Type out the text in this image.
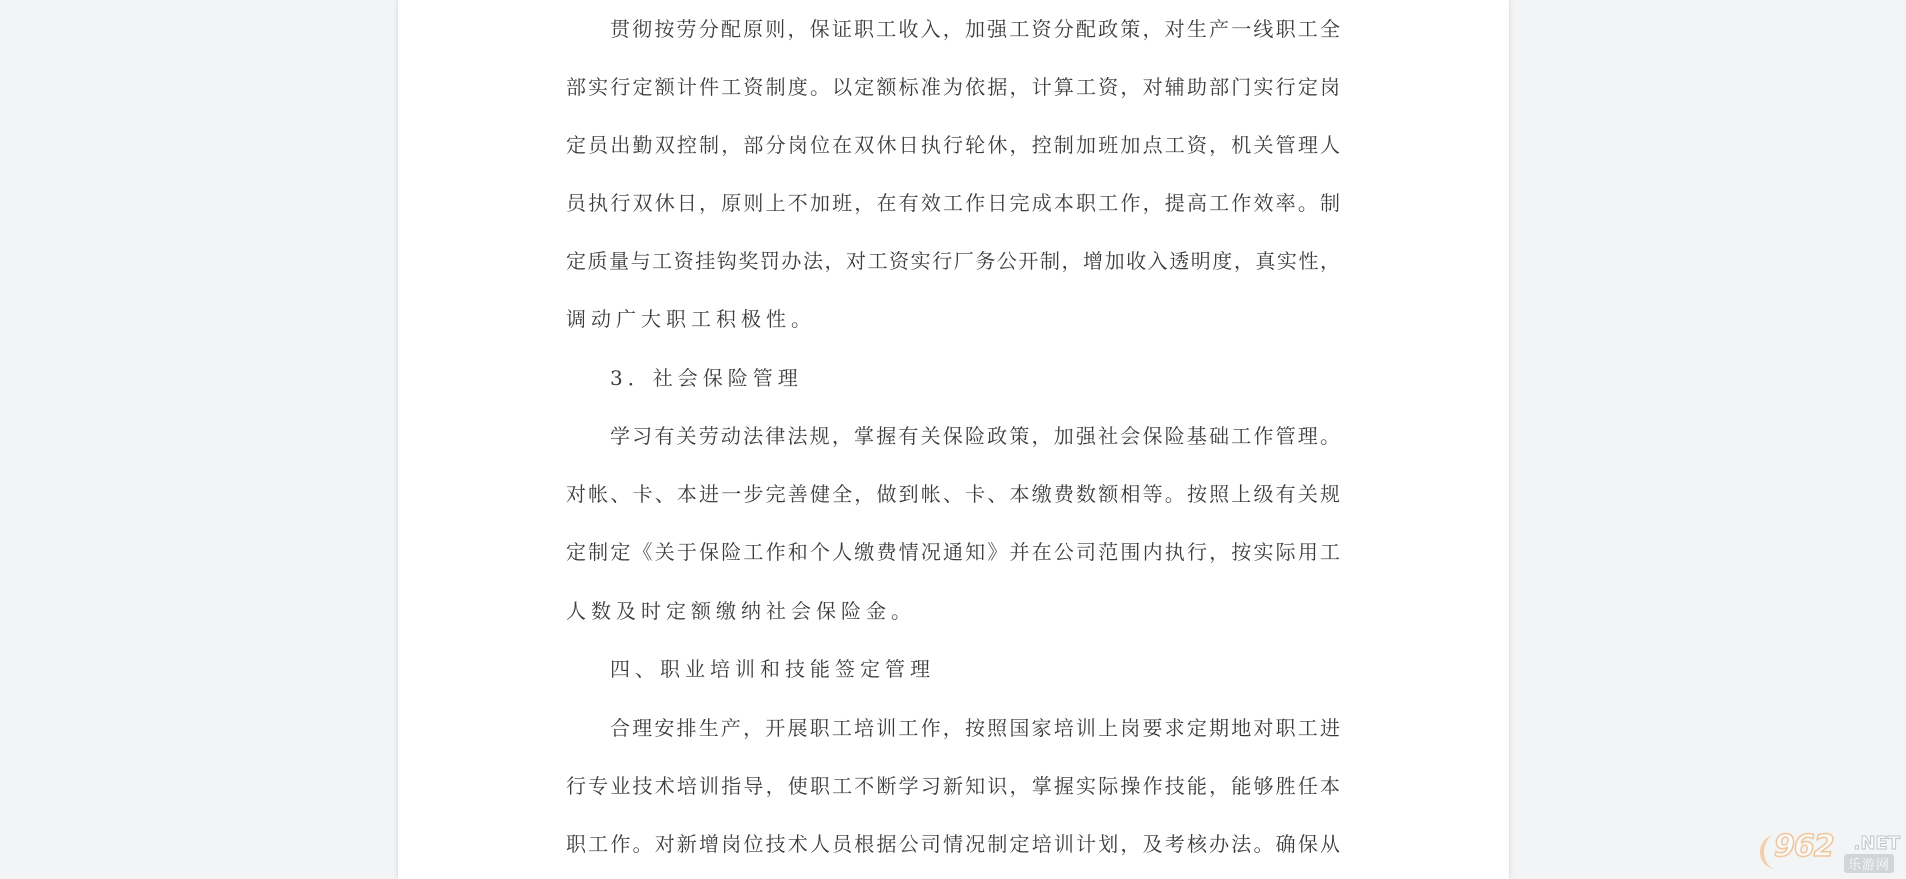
贯彻按劳分配原则，保证职工收入，加强工资分配政策，对生产一线职工全
部实行定额计件工资制度。以定额标准为依据，计算工资，对辅助部门实行定岗
定员出勤双控制，部分岗位在双休日执行轮休，控制加班加点工资，机关管理人
员执行双休日，原则上不加班，在有效工作日完成本职工作，提高工作效率。制
定质量与工资挂钩奖罚办法，对工资实行厂务公开制，增加收入透明度，真实性，
调动广大职工积极性。
3．社会保险管理
学习有关劳动法律法规，掌握有关保险政策，加强社会保险基础工作管理。
对帐、卡、本进一步完善健全，做到帐、卡、本缴费数额相等。按照上级有关规
定制定《关于保险工作和个人缴费情况通知》并在公司范围内执行，按实际用工
人数及时定额缴纳社会保险金。
四、职业培训和技能签定管理
合理安排生产，开展职工培训工作，按照国家培训上岗要求定期地对职工进
行专业技术培训指导，使职工不断学习新知识，掌握实际操作技能，能够胜任本
职工作。对新增岗位技术人员根据公司情况制定培训计划，及考核办法。确保从	962 .NET
乐游网
